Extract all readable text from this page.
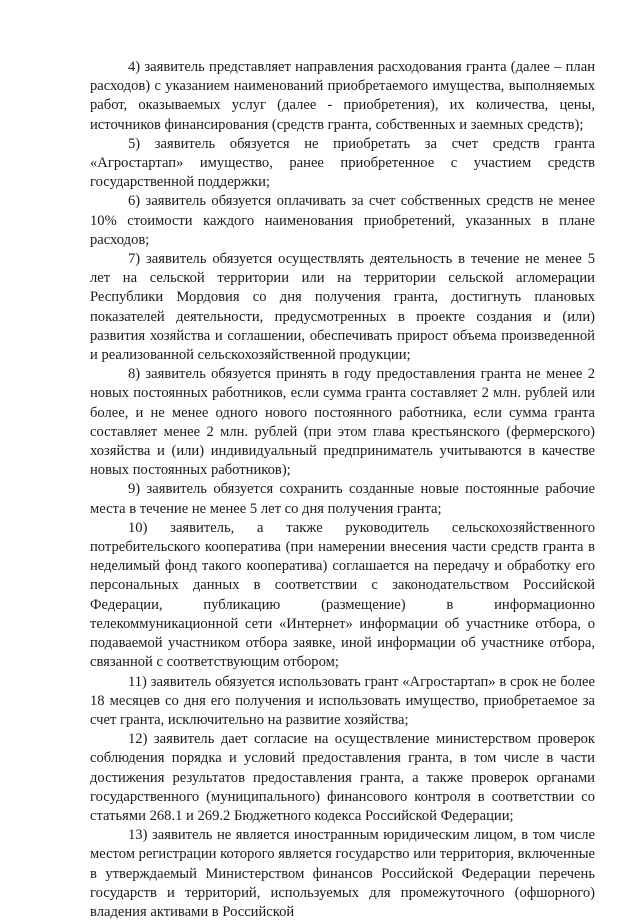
4) заявитель представляет направления расходования гранта (далее – план расходов) с указанием наименований приобретаемого имущества, выполняемых работ, оказываемых услуг (далее - приобретения), их количества, цены, источников финансирования (средств гранта, собственных и заемных средств);

5) заявитель обязуется не приобретать за счет средств гранта «Агростартап» имущество, ранее приобретенное с участием средств государственной поддержки;

6) заявитель обязуется оплачивать за счет собственных средств не менее 10% стоимости каждого наименования приобретений, указанных в плане расходов;

7) заявитель обязуется осуществлять деятельность в течение не менее 5 лет на сельской территории или на территории сельской агломерации Республики Мордовия со дня получения гранта, достигнуть плановых показателей деятельности, предусмотренных в проекте создания и (или) развития хозяйства и соглашении, обеспечивать прирост объема произведенной и реализованной сельскохозяйственной продукции;

8) заявитель обязуется принять в году предоставления гранта не менее 2 новых постоянных работников, если сумма гранта составляет 2 млн. рублей или более, и не менее одного нового постоянного работника, если сумма гранта составляет менее 2 млн. рублей (при этом глава крестьянского (фермерского) хозяйства и (или) индивидуальный предприниматель учитываются в качестве новых постоянных работников);

9) заявитель обязуется сохранить созданные новые постоянные рабочие места в течение не менее 5 лет со дня получения гранта;

10) заявитель, а также руководитель сельскохозяйственного потребительского кооператива (при намерении внесения части средств гранта в неделимый фонд такого кооператива) соглашается на передачу и обработку его персональных данных в соответствии с законодательством Российской Федерации, публикацию (размещение) в информационно телекоммуникационной сети «Интернет» информации об участнике отбора, о подаваемой участником отбора заявке, иной информации об участнике отбора, связанной с соответствующим отбором;

11) заявитель обязуется использовать грант «Агростартап» в срок не более 18 месяцев со дня его получения и использовать имущество, приобретаемое за счет гранта, исключительно на развитие хозяйства;

12) заявитель дает согласие на осуществление министерством проверок соблюдения порядка и условий предоставления гранта, в том числе в части достижения результатов предоставления гранта, а также проверок органами государственного (муниципального) финансового контроля в соответствии со статьями 268.1 и 269.2 Бюджетного кодекса Российской Федерации;

13) заявитель не является иностранным юридическим лицом, в том числе местом регистрации которого является государство или территория, включенные в утверждаемый Министерством финансов Российской Федерации перечень государств и территорий, используемых для промежуточного (офшорного) владения активами в Российской
